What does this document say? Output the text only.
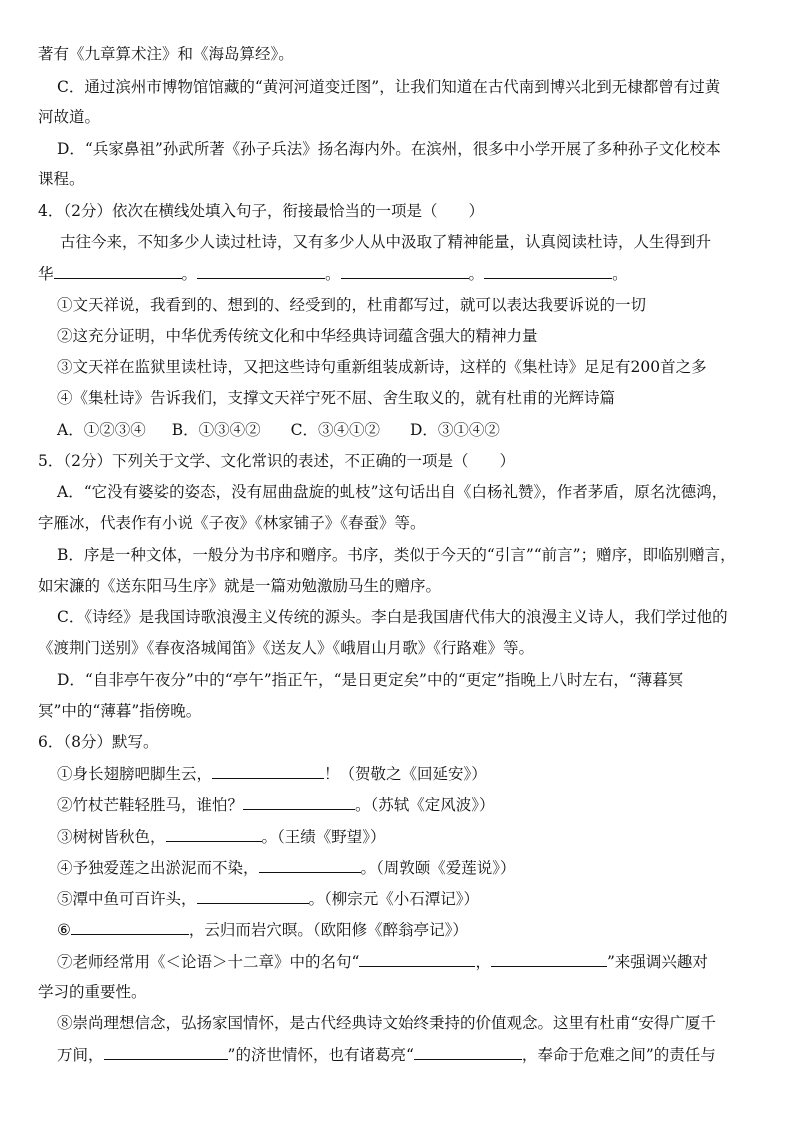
著有《九章算术注》和《海岛算经》。
C．通过滨州市博物馆馆藏的“黄河河道变迁图”，让我们知道在古代南到博兴北到无棣都曾有过黄
河故道。
D．“兵家鼻祖”孙武所著《孙子兵法》扬名海内外。在滨州，很多中小学开展了多种孙子文化校本
课程。
4．（2分）依次在横线处填入句子，衔接最恰当的一项是（　　）
古往今来，不知多少人读过杜诗，又有多少人从中汲取了精神能量，认真阅读杜诗，人生得到升
华	。	。	。	。
①文天祥说，我看到的、想到的、经受到的，杜甫都写过，就可以表达我要诉说的一切
②这充分证明，中华优秀传统文化和中华经典诗词蕴含强大的精神力量
③文天祥在监狱里读杜诗，又把这些诗句重新组装成新诗，这样的《集杜诗》足足有200首之多
④《集杜诗》告诉我们，支撑文天祥宁死不屈、舍生取义的，就有杜甫的光辉诗篇
A．①②③④ B．①③④② C．③④①② D．③①④②
5．（2分）下列关于文学、文化常识的表述，不正确的一项是（　　）
A．“它没有婆娑的姿态，没有屈曲盘旋的虬枝”这句话出自《白杨礼赞》，作者茅盾，原名沈德鸿，
字雁冰，代表作有小说《子夜》《林家铺子》《春蚕》等。
B．序是一种文体，一般分为书序和赠序。书序，类似于今天的“引言”“前言”；赠序，即临别赠言，
如宋濂的《送东阳马生序》就是一篇劝勉激励马生的赠序。
C．《诗经》是我国诗歌浪漫主义传统的源头。李白是我国唐代伟大的浪漫主义诗人，我们学过他的
《渡荆门送别》《春夜洛城闻笛》《送友人》《峨眉山月歌》《行路难》等。
D．“自非亭午夜分”中的“亭午”指正午，“是日更定矣”中的“更定”指晚上八时左右，“薄暮冥
冥”中的“薄暮”指傍晚。
6．（8分）默写。
①身长翅膀吧脚生云，	！（贺敬之《回延安》）
②竹杖芒鞋轻胜马，谁怕？	。（苏轼《定风波》）
③树树皆秋色，	。（王绩《野望》）
④予独爱莲之出淤泥而不染，	。（周敦颐《爱莲说》）
⑤潭中鱼可百许头，	。（柳宗元《小石潭记》）
⑥	，云归而岩穴暝。（欧阳修《醉翁亭记》）
⑦老师经常用《＜论语＞十二章》中的名句“	，	”来强调兴趣对
学习的重要性。
⑧崇尚理想信念，弘扬家国情怀，是古代经典诗文始终秉持的价值观念。这里有杜甫“安得广厦千
万间，	”的济世情怀，也有诸葛亮“	，奉命于危难之间”的责任与
